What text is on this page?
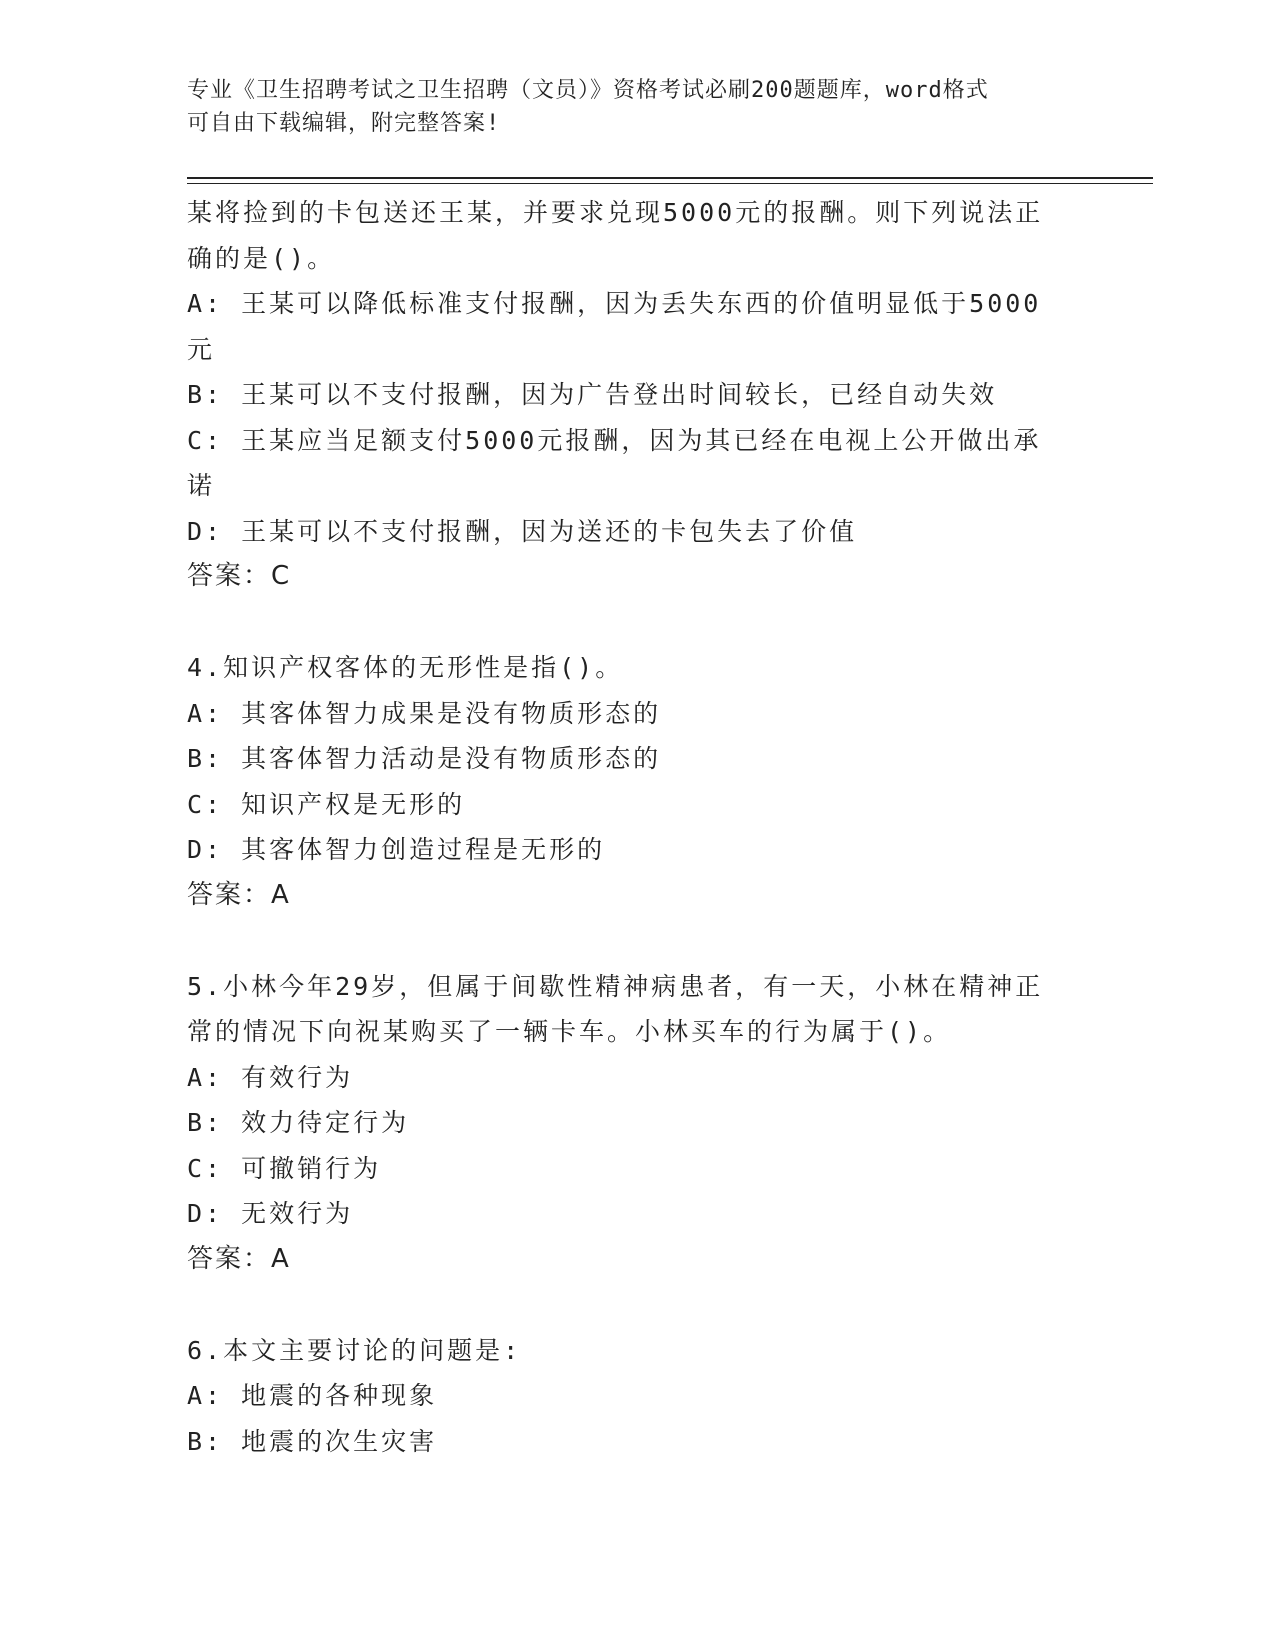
专业《卫生招聘考试之卫生招聘（文员）》资格考试必刷200题题库，word格式
可自由下载编辑，附完整答案!
某将捡到的卡包送还王某，并要求兑现5000元的报酬。则下列说法正
确的是()。
A: 王某可以降低标准支付报酬，因为丢失东西的价值明显低于5000
元
B: 王某可以不支付报酬，因为广告登出时间较长，已经自动失效
C: 王某应当足额支付5000元报酬，因为其已经在电视上公开做出承
诺
D: 王某可以不支付报酬，因为送还的卡包失去了价值
答案：C
4.知识产权客体的无形性是指()。
A: 其客体智力成果是没有物质形态的
B: 其客体智力活动是没有物质形态的
C: 知识产权是无形的
D: 其客体智力创造过程是无形的
答案：A
5.小林今年29岁，但属于间歇性精神病患者，有一天，小林在精神正
常的情况下向祝某购买了一辆卡车。小林买车的行为属于()。
A: 有效行为
B: 效力待定行为
C: 可撤销行为
D: 无效行为
答案：A
6.本文主要讨论的问题是:
A: 地震的各种现象
B: 地震的次生灾害
